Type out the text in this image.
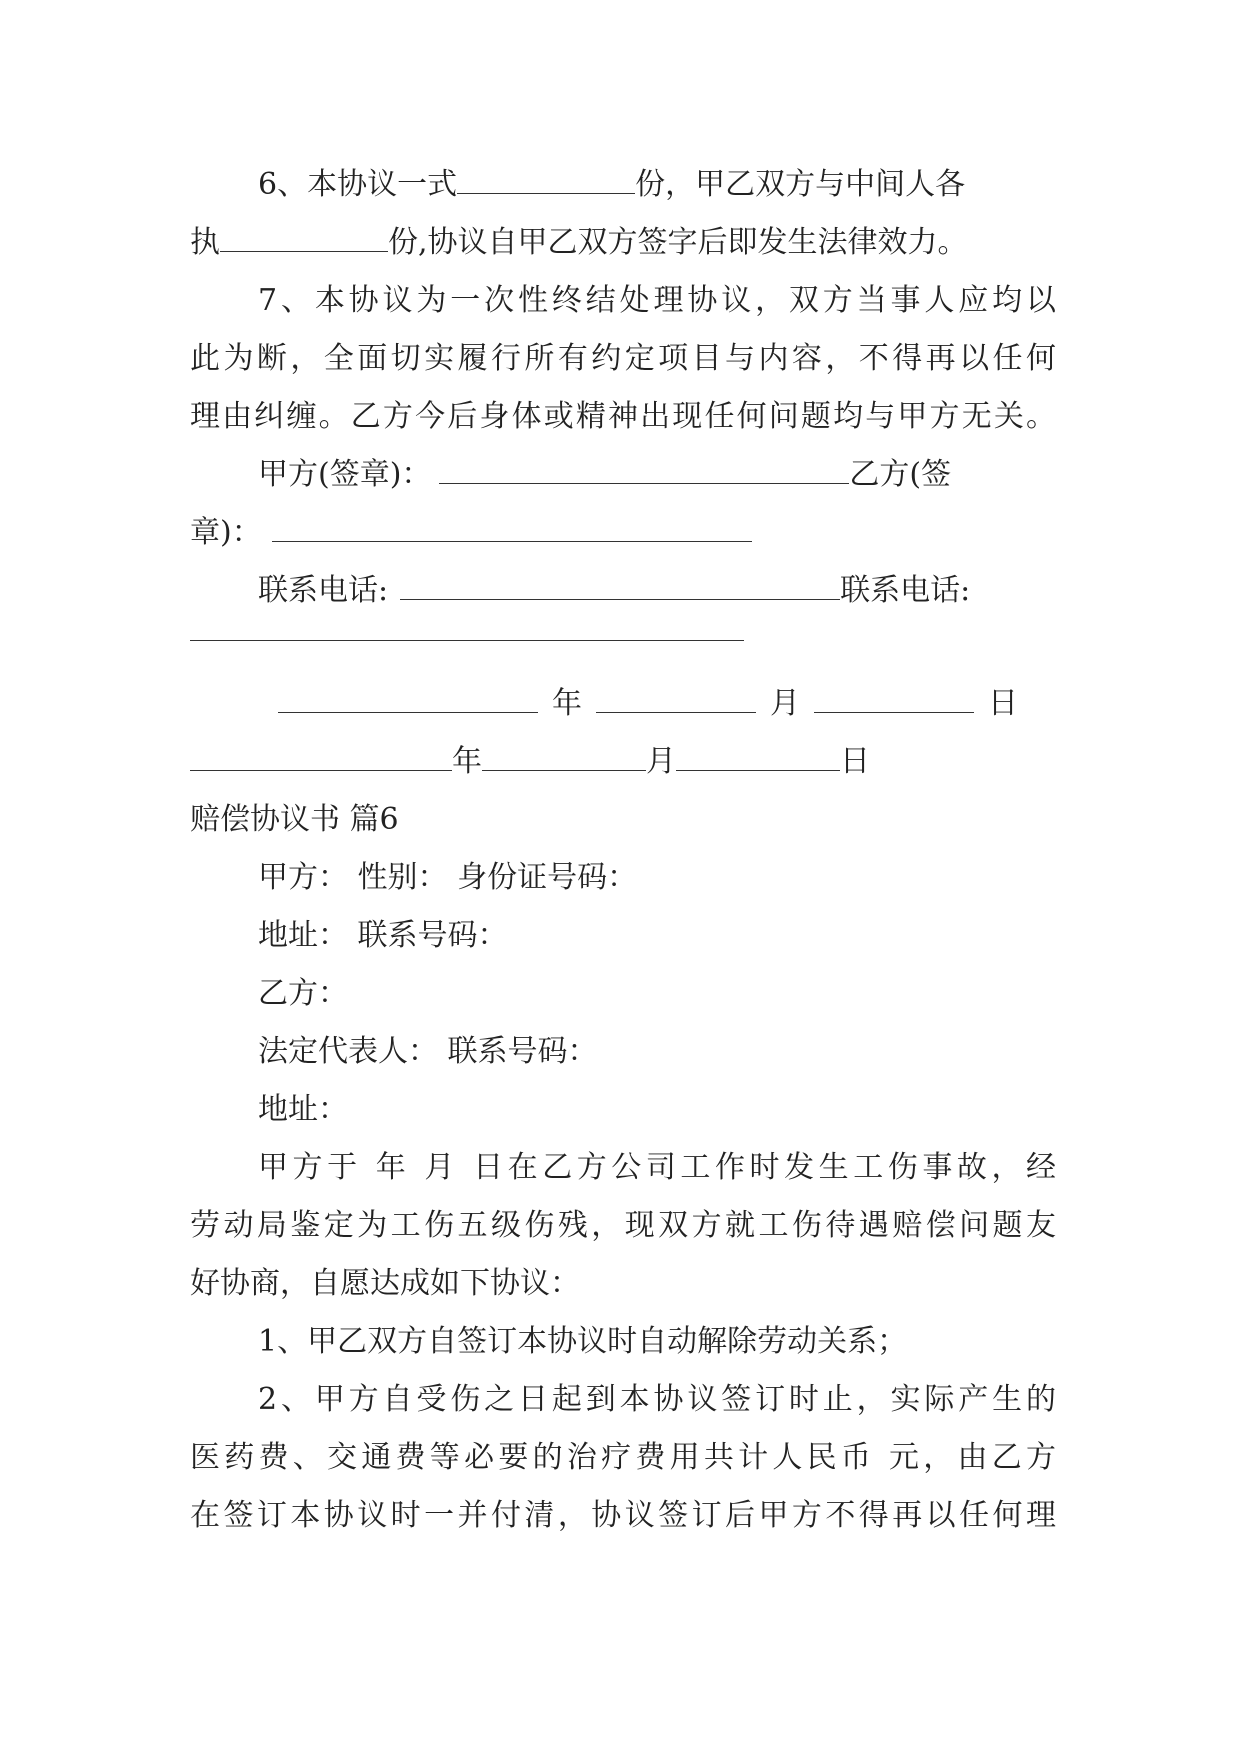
6、本协议一式	份，甲乙双方与中间人各
执	份,协议自甲乙双方签字后即发生法律效力。
7、本协议为一次性终结处理协议，双方当事人应均以
此为断，全面切实履行所有约定项目与内容，不得再以任何
理由纠缠。乙方今后身体或精神出现任何问题均与甲方无关。
甲方(签章)：	乙方(签
章)：
联系电话:	联系电话:
年	月	日
年	月	日
赔偿协议书 篇6
甲方： 性别： 身份证号码：
地址： 联系号码：
乙方：
法定代表人： 联系号码：
地址：
甲方于 年 月 日在乙方公司工作时发生工伤事故，经
劳动局鉴定为工伤五级伤残，现双方就工伤待遇赔偿问题友
好协商，自愿达成如下协议：
1、甲乙双方自签订本协议时自动解除劳动关系；
2、甲方自受伤之日起到本协议签订时止，实际产生的
医药费、交通费等必要的治疗费用共计人民币 元，由乙方
在签订本协议时一并付清，协议签订后甲方不得再以任何理
